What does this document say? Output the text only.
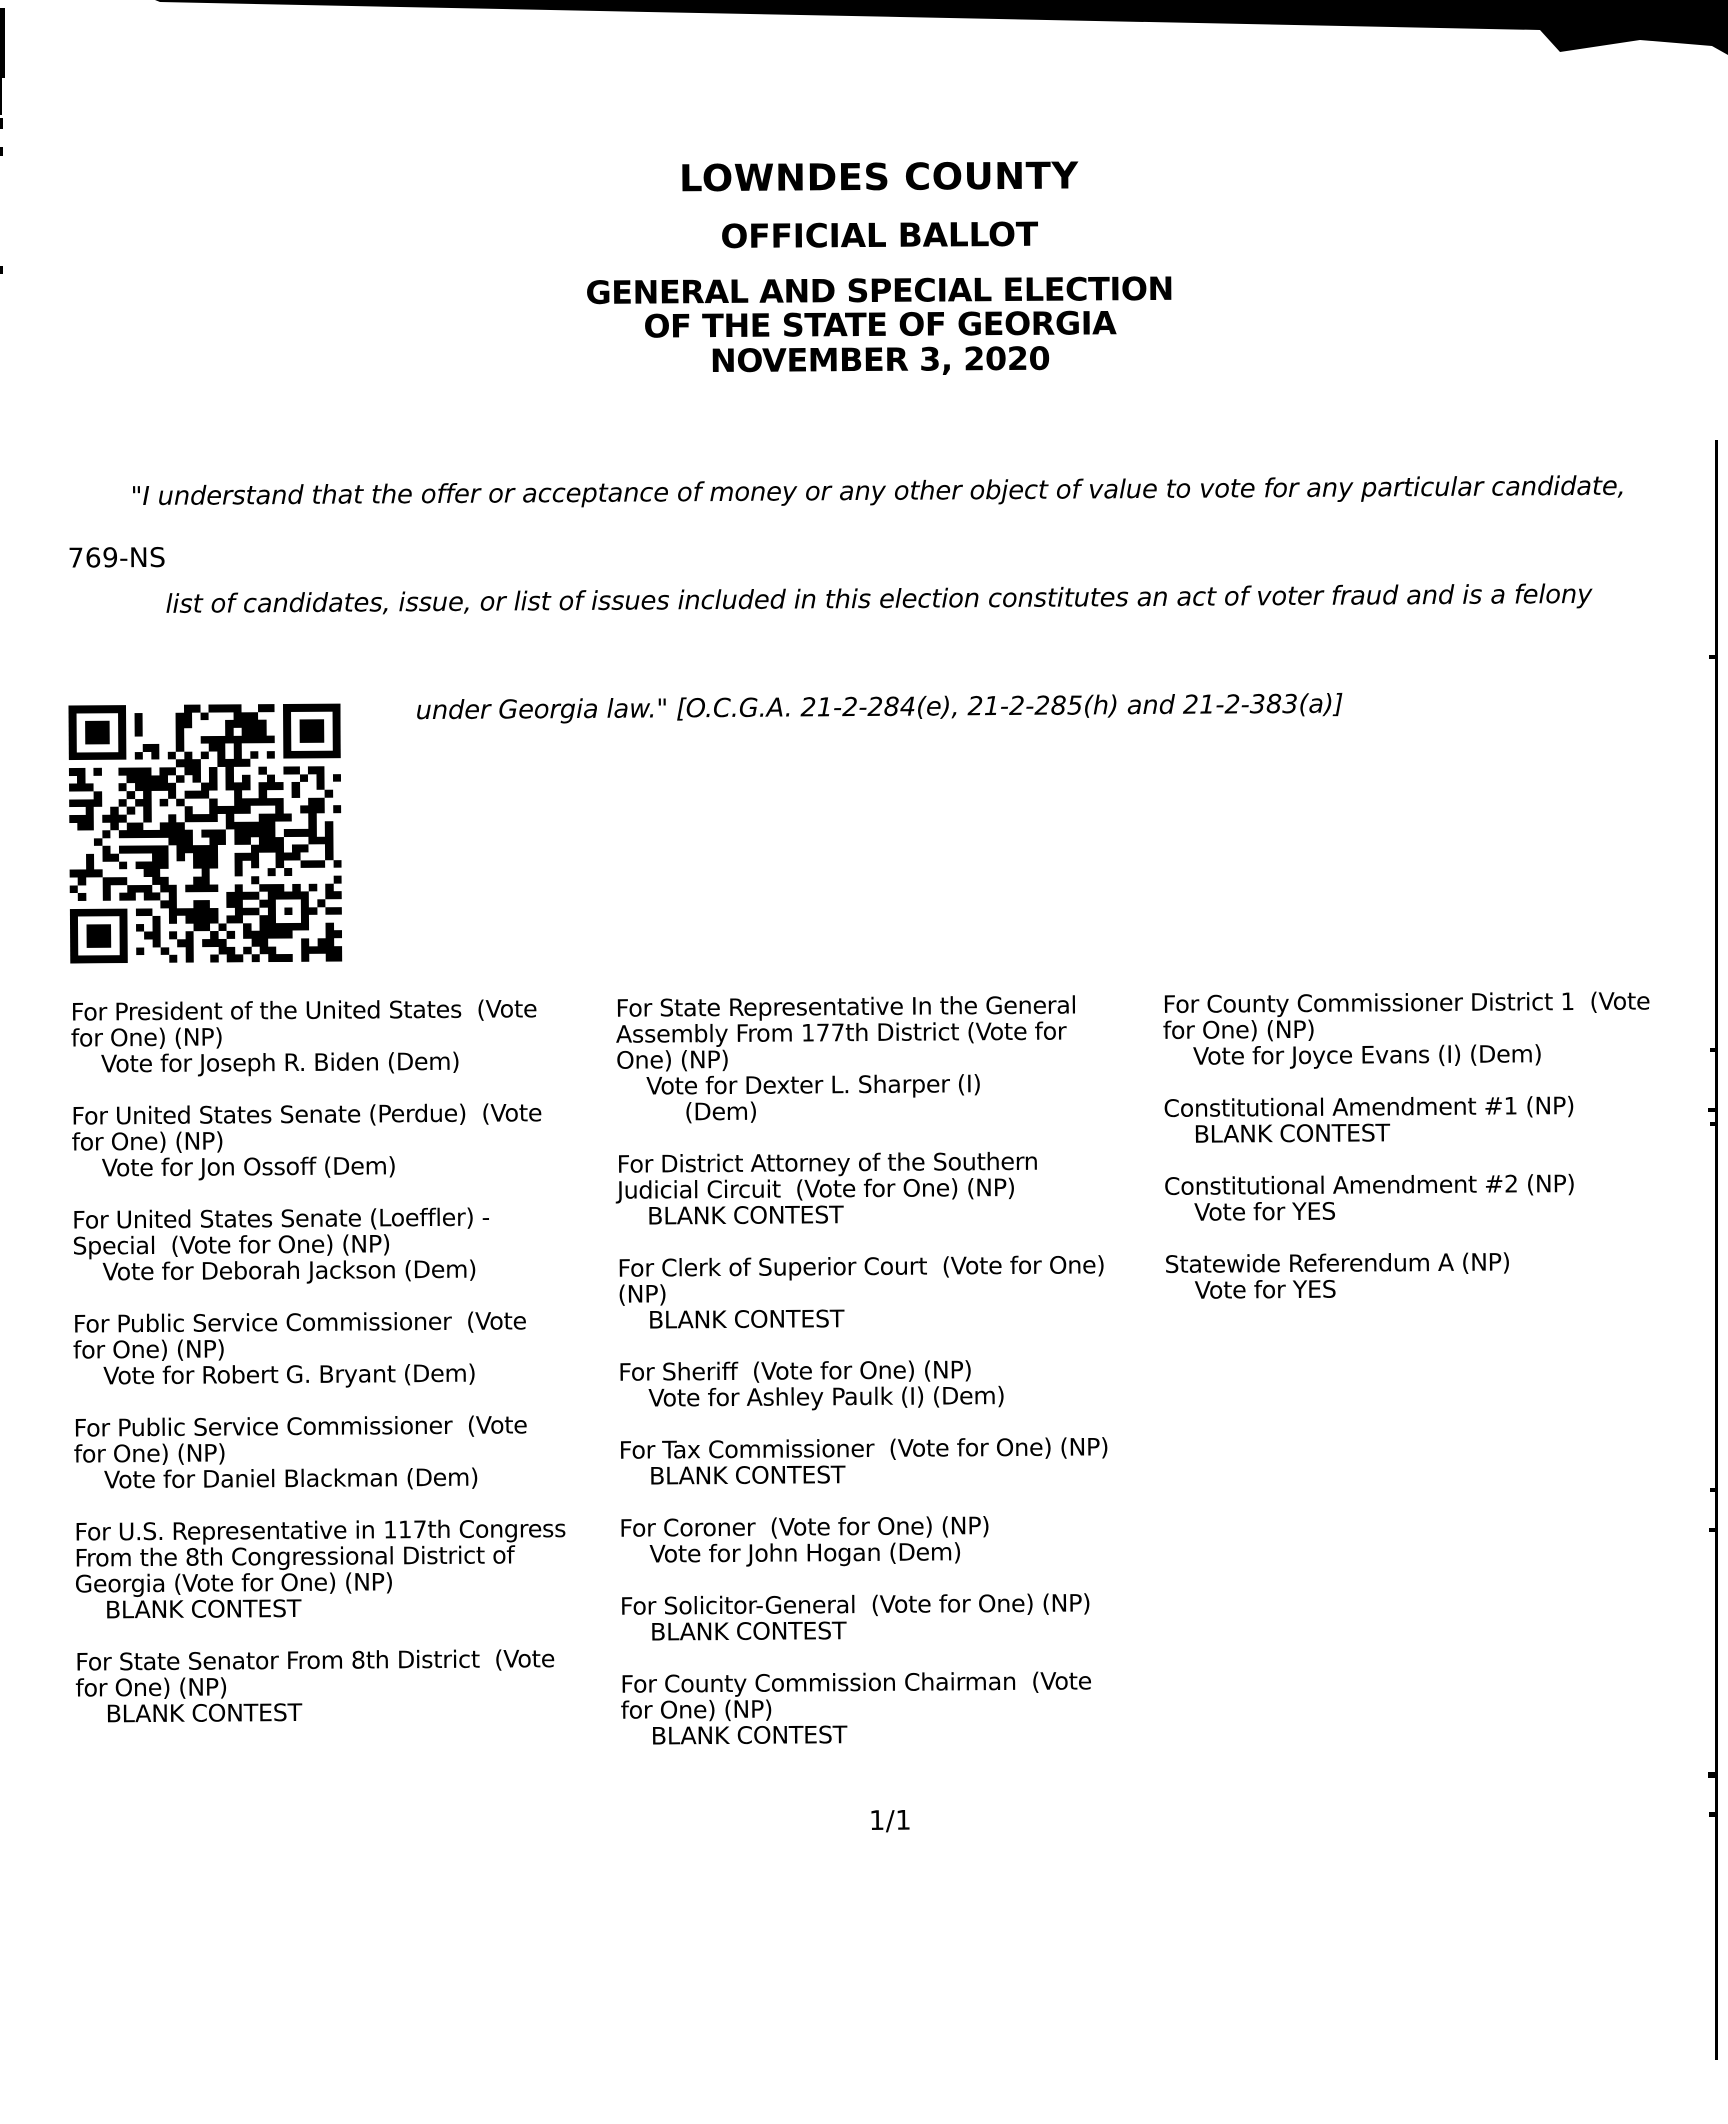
LOWNDES COUNTY
OFFICIAL BALLOT
GENERAL AND SPECIAL ELECTION
OF THE STATE OF GEORGIA
NOVEMBER 3, 2020

"I understand that the offer or acceptance of money or any other object of value to vote for any particular candidate,

list of candidates, issue, or list of issues included in this election constitutes an act of voter fraud and is a felony

under Georgia law." [O.C.G.A. 21-2-284(e), 21-2-285(h) and 21-2-383(a)]

769-NS
For President of the United States  (Vote
for One) (NP)
Vote for Joseph R. Biden (Dem)
For United States Senate (Perdue)  (Vote
for One) (NP)
Vote for Jon Ossoff (Dem)
For United States Senate (Loeffler) -
Special  (Vote for One) (NP)
Vote for Deborah Jackson (Dem)
For Public Service Commissioner  (Vote
for One) (NP)
Vote for Robert G. Bryant (Dem)
For Public Service Commissioner  (Vote
for One) (NP)
Vote for Daniel Blackman (Dem)
For U.S. Representative in 117th Congress
From the 8th Congressional District of
Georgia (Vote for One) (NP)
BLANK CONTEST
For State Senator From 8th District  (Vote
for One) (NP)
BLANK CONTEST
For State Representative In the General
Assembly From 177th District (Vote for
One) (NP)
Vote for Dexter L. Sharper (I)
(Dem)
For District Attorney of the Southern
Judicial Circuit  (Vote for One) (NP)
BLANK CONTEST
For Clerk of Superior Court  (Vote for One)
(NP)
BLANK CONTEST
For Sheriff  (Vote for One) (NP)
Vote for Ashley Paulk (I) (Dem)
For Tax Commissioner  (Vote for One) (NP)
BLANK CONTEST
For Coroner  (Vote for One) (NP)
Vote for John Hogan (Dem)
For Solicitor-General  (Vote for One) (NP)
BLANK CONTEST
For County Commission Chairman  (Vote
for One) (NP)
BLANK CONTEST
For County Commissioner District 1  (Vote
for One) (NP)
Vote for Joyce Evans (I) (Dem)
Constitutional Amendment #1 (NP)
BLANK CONTEST
Constitutional Amendment #2 (NP)
Vote for YES
Statewide Referendum A (NP)
Vote for YES
1/1
